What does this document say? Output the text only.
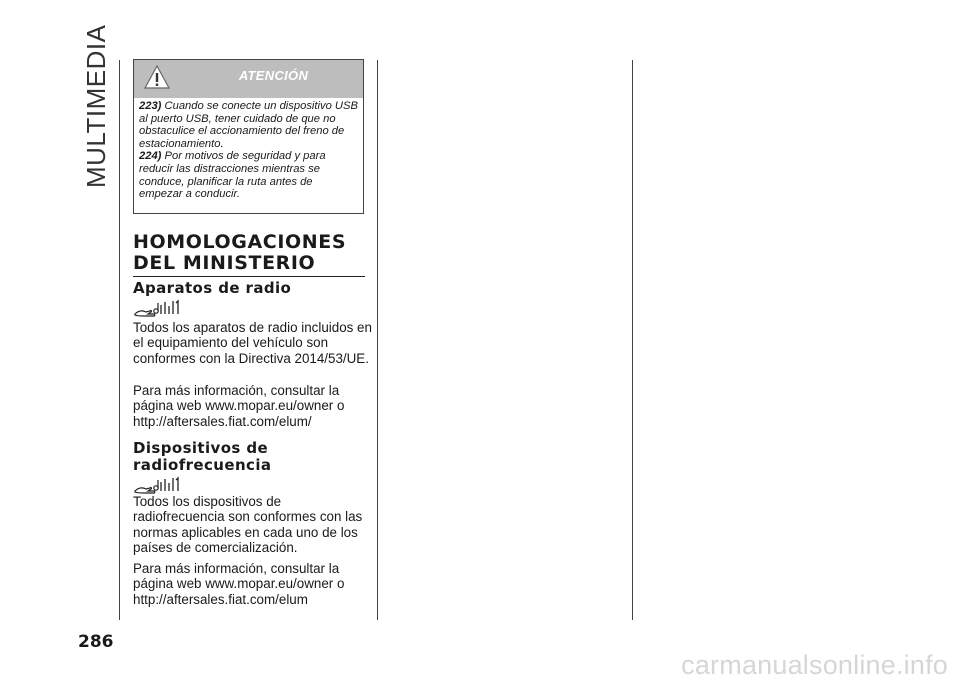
MULTIMEDIA	ATENCIÓN

223) Cuando se conecte un dispositivo USB al puerto USB, tener cuidado de que no obstaculice el accionamiento del freno de estacionamiento.

224) Por motivos de seguridad y para reducir las distracciones mientras se conduce, planificar la ruta antes de empezar a conducir.

HOMOLOGACIONES DEL MINISTERIO
Aparatos de radio

Todos los aparatos de radio incluidos en el equipamiento del vehículo son conformes con la Directiva 2014/53/UE.

Para más información, consultar la página web www.mopar.eu/owner o http://aftersales.fiat.com/elum/

Dispositivos de radiofrecuencia

Todos los dispositivos de radiofrecuencia son conformes con las normas aplicables en cada uno de los países de comercialización.

Para más información, consultar la página web www.mopar.eu/owner o http://aftersales.fiat.com/elum

286
carmanualsonline.info
